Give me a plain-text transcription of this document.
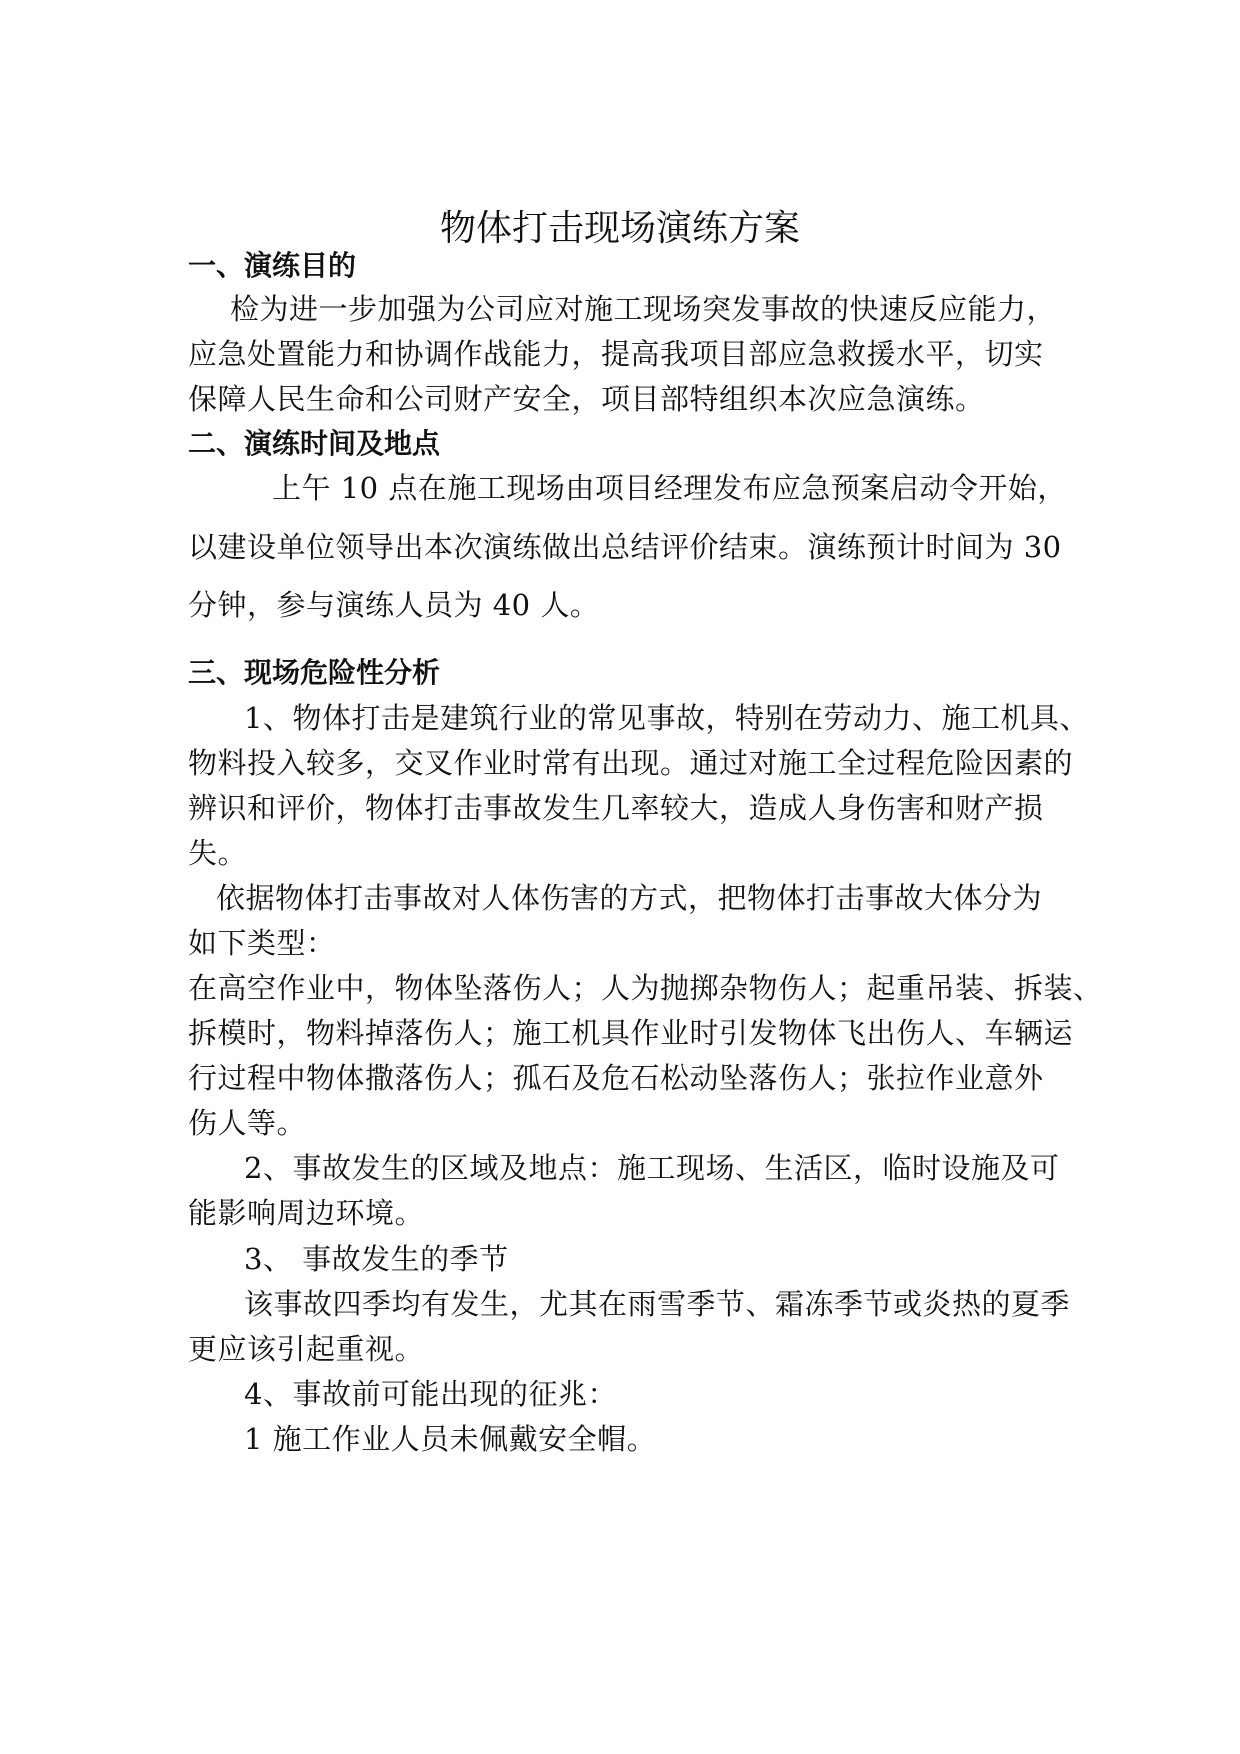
物体打击现场演练方案
一、演练目的
检为进一步加强为公司应对施工现场突发事故的快速反应能力，
应急处置能力和协调作战能力，提高我项目部应急救援水平，切实
保障人民生命和公司财产安全，项目部特组织本次应急演练。
二、演练时间及地点
上午 10 点在施工现场由项目经理发布应急预案启动令开始，
以建设单位领导出本次演练做出总结评价结束。演练预计时间为 30
分钟，参与演练人员为 40 人。
三、现场危险性分析
1、物体打击是建筑行业的常见事故，特别在劳动力、施工机具、
物料投入较多，交叉作业时常有出现。通过对施工全过程危险因素的
辨识和评价，物体打击事故发生几率较大，造成人身伤害和财产损
失。
依据物体打击事故对人体伤害的方式，把物体打击事故大体分为
如下类型：
在高空作业中，物体坠落伤人；人为抛掷杂物伤人；起重吊装、拆装、
拆模时，物料掉落伤人；施工机具作业时引发物体飞出伤人、车辆运
行过程中物体撒落伤人；孤石及危石松动坠落伤人；张拉作业意外
伤人等。
2、事故发生的区域及地点：施工现场、生活区，临时设施及可
能影响周边环境。
3、 事故发生的季节
该事故四季均有发生，尤其在雨雪季节、霜冻季节或炎热的夏季
更应该引起重视。
4、事故前可能出现的征兆：
1 施工作业人员未佩戴安全帽。
